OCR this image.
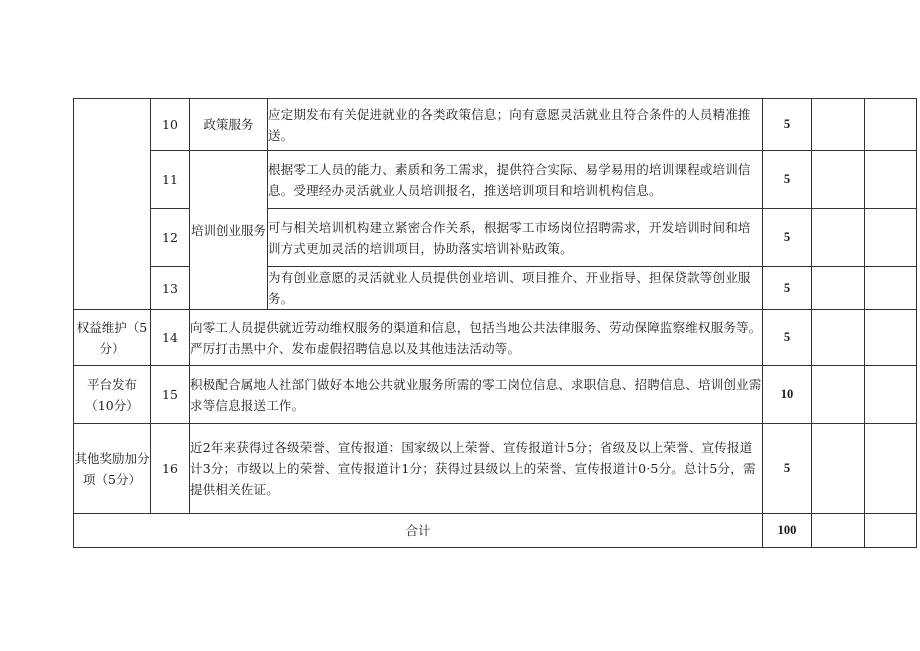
	10	政策服务	应定期发布有关促进就业的各类政策信息；向有意愿灵活就业且符合条件的人员精准推送。	5		
	11	培训创业服务	根据零工人员的能力、素质和务工需求，提供符合实际、易学易用的培训课程或培训信息。受理经办灵活就业人员培训报名，推送培训项目和培训机构信息。	5		
	12		可与相关培训机构建立紧密合作关系，根据零工市场岗位招聘需求，开发培训时间和培训方式更加灵活的培训项目，协助落实培训补贴政策。	5		
	13		为有创业意愿的灵活就业人员提供创业培训、项目推介、开业指导、担保贷款等创业服务。	5		
权益维护（5分）	14	向零工人员提供就近劳动维权服务的渠道和信息，包括当地公共法律服务、劳动保障监察维权服务等。严厉打击黑中介、发布虚假招聘信息以及其他违法活动等。		5		
平台发布（10分）	15	积极配合属地人社部门做好本地公共就业服务所需的零工岗位信息、求职信息、招聘信息、培训创业需求等信息报送工作。		10		
其他奖励加分项（5分）	16	近2年来获得过各级荣誉、宣传报道：国家级以上荣誉、宣传报道计5分；省级及以上荣誉、宣传报道计3分；市级以上的荣誉、宣传报道计1分；获得过县级以上的荣誉、宣传报道计0·5分。总计5分，需提供相关佐证。		5		
合计				100		
